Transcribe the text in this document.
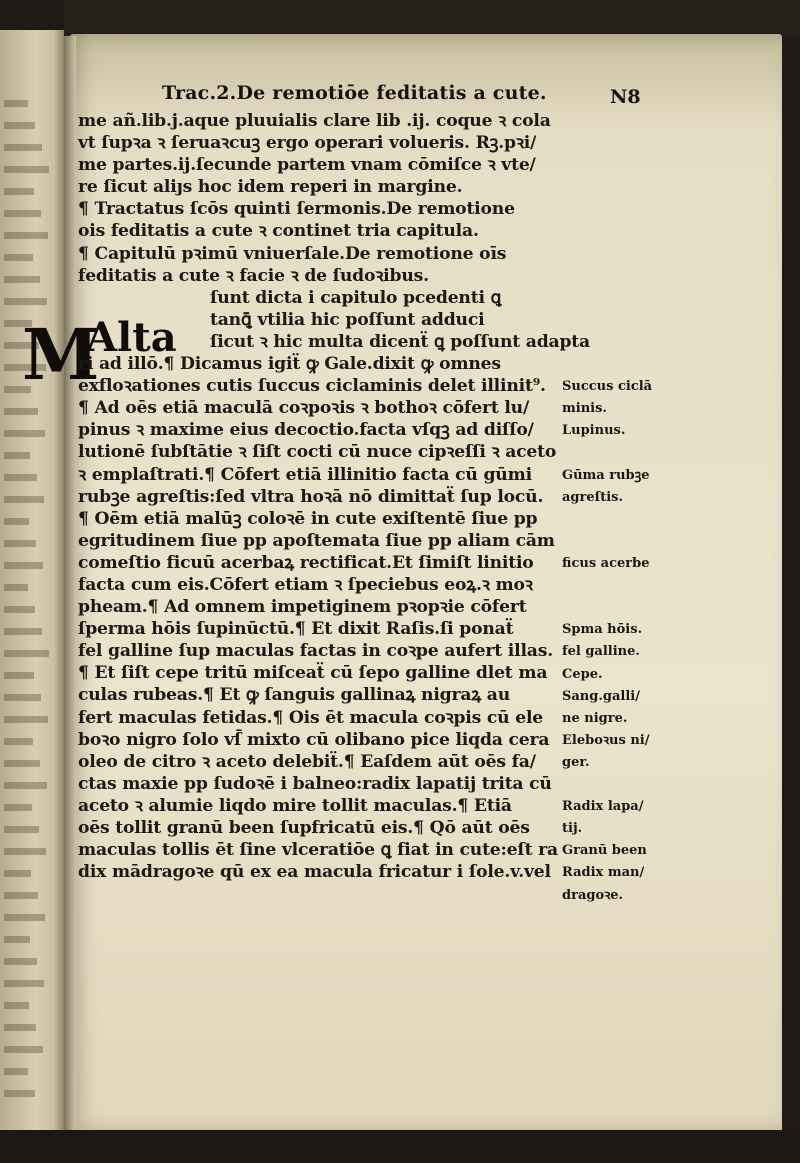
Trac.2.De remotiōe feditatis a cute.	N8
M
Alta
me añ.lib.j.aque pluuialis clare lib .ij. coque ꝛ cola
vt ſupꝛa ꝛ ſeruaꝛcuꝫ ergo operari volueris. Rꝫ.pꝛi/
me partes.ij.ſecunde partem vnam cōmiſce ꝛ vte/
re ſicut aliȷs hoc idem reperi in margine.
¶ Tractatus ſcōs quinti ſermonis.De remotione
ois feditatis a cute ꝛ continet tria capitula.
¶ Capitulū pꝛimū vniuerſale.De remotione oīs
feditatis a cute ꝛ facie ꝛ de ſudoꝛibus.
ſunt dicta i capitulo pcedenti ꝗ
tanꝗ̄ vtilia hic poſſunt adduci
ſicut ꝛ hic multa dicenẗ ꝗ poſſunt adapta
ri ad illō.¶ Dicamus igiẗ ꝙ Gale.dixit ꝙ omnes
exfloꝛationes cutis ſuccus ciclaminis delet illinit⁹.
¶ Ad oēs etiā maculā coꝛpoꝛis ꝛ bothoꝛ cōfert lu/
pinus ꝛ maxime eius decoctio.facta vſqꝫ ad diſſo/
lutionē ſubſtātie ꝛ ſiſt cocti cū nuce cipꝛeſſi ꝛ aceto
ꝛ emplaſtrati.¶ Cōfert etiā illinitio facta cū gūmi
rubꝫe agreſtis:ſed vltra hoꝛā nō dimittaẗ ſup locū.
¶ Oēm etiā malūꝫ coloꝛē in cute exiſtentē ſiue pp
egritudinem ſiue pp apoſtemata ſiue pp aliam cām
comeſtio ficuū acerbaꝝ rectificat.Et ſimiſt linitio
facta cum eis.Cōfert etiam ꝛ ſpeciebus eoꝝ.ꝛ moꝛ
pheam.¶ Ad omnem impetiginem pꝛopꝛie cōfert
ſperma hōis ſupinūctū.¶ Et dixit Raſis.ſi ponaẗ
fel galline ſup maculas factas in coꝛpe aufert illas.
¶ Et ſiſt cepe tritū miſceaẗ cū ſepo galline dlet ma
culas rubeas.¶ Et ꝙ ſanguis gallinaꝝ nigraꝝ au
fert maculas fetidas.¶ Ois ēt macula coꝛpis cū ele
boꝛo nigro ſolo vſ̄ mixto cū olibano pice liqda cera
oleo de citro ꝛ aceto delebiẗ.¶ Eaſdem aūt oēs fa/
ctas maxie pp ſudoꝛē i balneo:radix lapatij trita cū
aceto ꝛ alumie liqdo mire tollit maculas.¶ Etiā
oēs tollit granū been ſupfricatū eis.¶ Qō aūt oēs
maculas tollis ēt ſine vlceratiōe ꝗ fiat in cute:eſt ra
dix mādragoꝛe qū ex ea macula fricatur i ſole.v.vel
Succus ciclā
minis.
Lupinus.
Gūma rubꝫe
agreſtis.
ficus acerbe
Spma hōis.
fel galline.
Cepe.
Sang.galli/
ne nigre.
Eleboꝛus ni/
ger.
Radix lapa/
tij.
Granū been
Radix man/
dragoꝛe.
